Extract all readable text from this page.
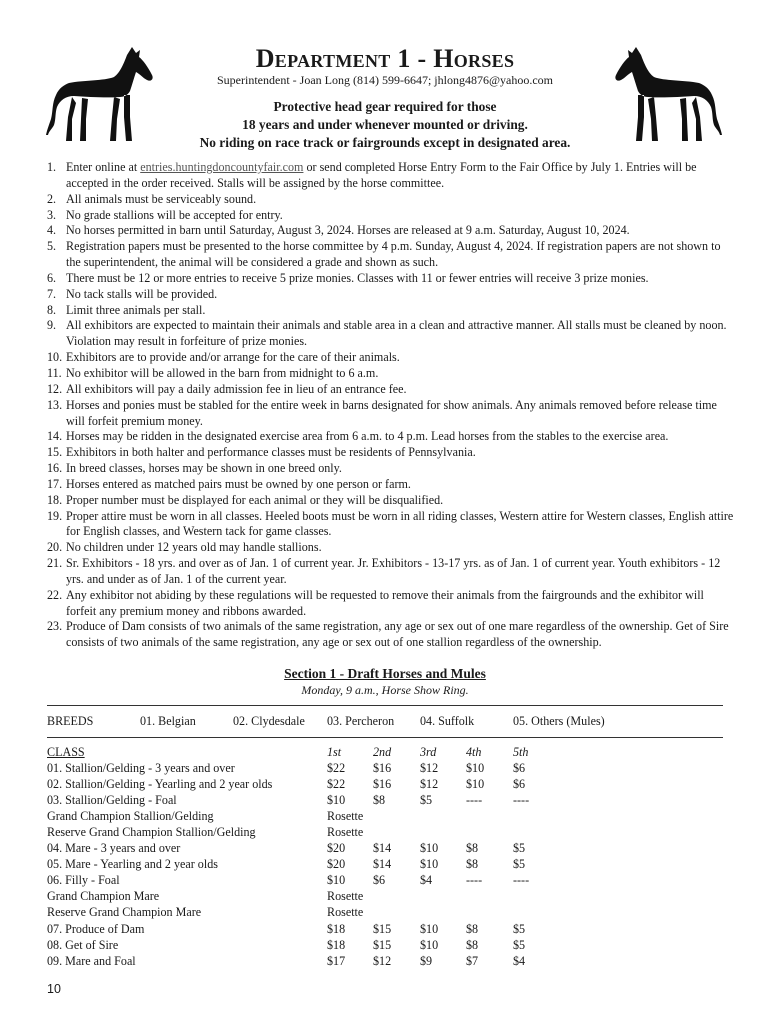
Department 1 - Horses
Superintendent - Joan Long (814) 599-6647; jhlong4876@yahoo.com
Protective head gear required for those
18 years and under whenever mounted or driving.
No riding on race track or fairgrounds except in designated area.
1. Enter online at entries.huntingdoncountyfair.com or send completed Horse Entry Form to the Fair Office by July 1. Entries will be accepted in the order received. Stalls will be assigned by the horse committee.
2. All animals must be serviceably sound.
3. No grade stallions will be accepted for entry.
4. No horses permitted in barn until Saturday, August 3, 2024. Horses are released at 9 a.m. Saturday, August 10, 2024.
5. Registration papers must be presented to the horse committee by 4 p.m. Sunday, August 4, 2024. If registration papers are not shown to the superintendent, the animal will be considered a grade and shown as such.
6. There must be 12 or more entries to receive 5 prize monies. Classes with 11 or fewer entries will receive 3 prize monies.
7. No tack stalls will be provided.
8. Limit three animals per stall.
9. All exhibitors are expected to maintain their animals and stable area in a clean and attractive manner. All stalls must be cleaned by noon. Violation may result in forfeiture of prize monies.
10. Exhibitors are to provide and/or arrange for the care of their animals.
11. No exhibitor will be allowed in the barn from midnight to 6 a.m.
12. All exhibitors will pay a daily admission fee in lieu of an entrance fee.
13. Horses and ponies must be stabled for the entire week in barns designated for show animals. Any animals removed before release time will forfeit premium money.
14. Horses may be ridden in the designated exercise area from 6 a.m. to 4 p.m. Lead horses from the stables to the exercise area.
15. Exhibitors in both halter and performance classes must be residents of Pennsylvania.
16. In breed classes, horses may be shown in one breed only.
17. Horses entered as matched pairs must be owned by one person or farm.
18. Proper number must be displayed for each animal or they will be disqualified.
19. Proper attire must be worn in all classes. Heeled boots must be worn in all riding classes, Western attire for Western classes, English attire for English classes, and Western tack for game classes.
20. No children under 12 years old may handle stallions.
21. Sr. Exhibitors - 18 yrs. and over as of Jan. 1 of current year. Jr. Exhibitors - 13-17 yrs. as of Jan. 1 of current year. Youth exhibitors - 12 yrs. and under as of Jan. 1 of the current year.
22. Any exhibitor not abiding by these regulations will be requested to remove their animals from the fairgrounds and the exhibitor will forfeit any premium money and ribbons awarded.
23. Produce of Dam consists of two animals of the same registration, any age or sex out of one mare regardless of the ownership. Get of Sire consists of two animals of the same registration, any age or sex out of one stallion regardless of the ownership.
Section 1 - Draft Horses and Mules
Monday, 9 a.m., Horse Show Ring.
BREEDS	01. Belgian	02. Clydesdale 03. Percheron 04. Suffolk	05. Others (Mules)
CLASS	1st	2nd 3rd 4th	5th
01. Stallion/Gelding - 3 years and over	$22 $16 $12 $10 $6
02. Stallion/Gelding - Yearling and 2 year olds	$22 $16 $12 $10 $6
03. Stallion/Gelding - Foal	$10 $8	$5	----	----
Grand Champion Stallion/Gelding	Rosette
Reserve Grand Champion Stallion/Gelding	Rosette
04. Mare - 3 years and over	$20 $14 $10 $8	$5
05. Mare - Yearling and 2 year olds	$20 $14 $10 $8	$5
06. Filly - Foal	$10 $6	$4	----	----
Grand Champion Mare	Rosette
Reserve Grand Champion Mare	Rosette
07. Produce of Dam	$18 $15 $10 $8	$5
08. Get of Sire	$18 $15 $10 $8	$5
09. Mare and Foal	$17 $12 $9	$7	$4
10
